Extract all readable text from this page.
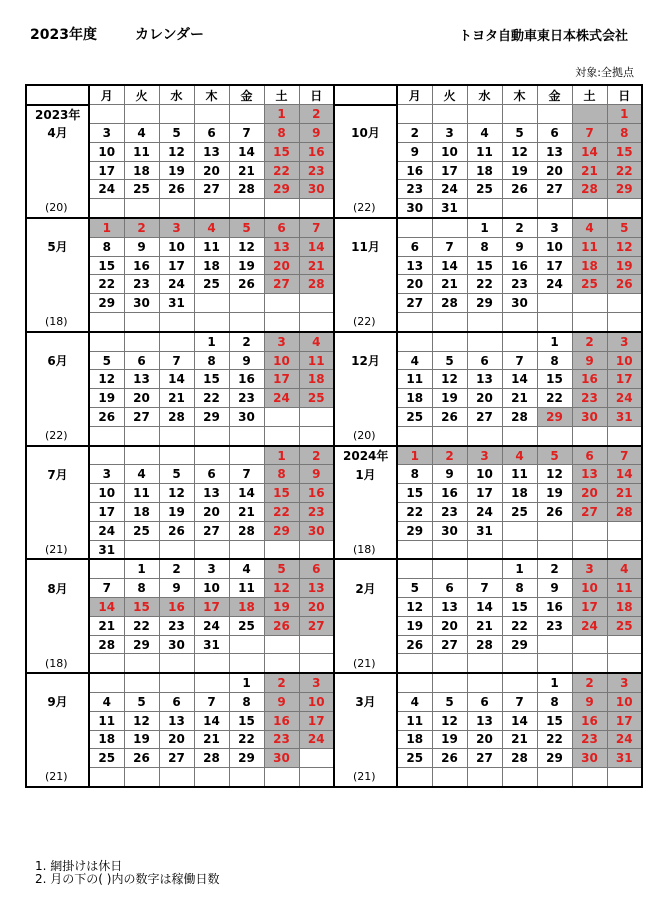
2023年度	カレンダー	トヨタ自動車東日本株式会社
対象:全拠点
	月	火	水	木	金	土	日		月	火	水	木	金	土	日

2023年						1	2								1

4月	3	4	5	6	7	8	9	10月	2	3	4	5	6	7	8
	10	11	12	13	14	15	16		9	10	11	12	13	14	15
	17	18	19	20	21	22	23		16	17	18	19	20	21	22
	24	25	26	27	28	29	30		23	24	25	26	27	28	29

(20)								(22)	30	31					
	1	2	3	4	5	6	7				1	2	3	4	5

5月	8	9	10	11	12	13	14	11月	6	7	8	9	10	11	12
	15	16	17	18	19	20	21		13	14	15	16	17	18	19
	22	23	24	25	26	27	28		20	21	22	23	24	25	26
	29	30	31						27	28	29	30			

(18)								(22)							

				1	2	3	4						1	2	3

6月	5	6	7	8	9	10	11	12月	4	5	6	7	8	9	10
	12	13	14	15	16	17	18		11	12	13	14	15	16	17
	19	20	21	22	23	24	25		18	19	20	21	22	23	24
	26	27	28	29	30				25	26	27	28	29	30	31

(22)								(20)							

						1	2	2024年	1	2	3	4	5	6	7

7月	3	4	5	6	7	8	9	1月	8	9	10	11	12	13	14
	10	11	12	13	14	15	16		15	16	17	18	19	20	21
	17	18	19	20	21	22	23		22	23	24	25	26	27	28
	24	25	26	27	28	29	30		29	30	31				

(21)	31							(18)							

		1	2	3	4	5	6					1	2	3	4

8月	7	8	9	10	11	12	13	2月	5	6	7	8	9	10	11
	14	15	16	17	18	19	20		12	13	14	15	16	17	18
	21	22	23	24	25	26	27		19	20	21	22	23	24	25
	28	29	30	31					26	27	28	29			

(18)								(21)							

					1	2	3						1	2	3

9月	4	5	6	7	8	9	10	3月	4	5	6	7	8	9	10
	11	12	13	14	15	16	17		11	12	13	14	15	16	17
	18	19	20	21	22	23	24		18	19	20	21	22	23	24
	25	26	27	28	29	30			25	26	27	28	29	30	31

(21)								(21)							

1. 網掛けは休日
2. 月の下の( )内の数字は稼働日数
